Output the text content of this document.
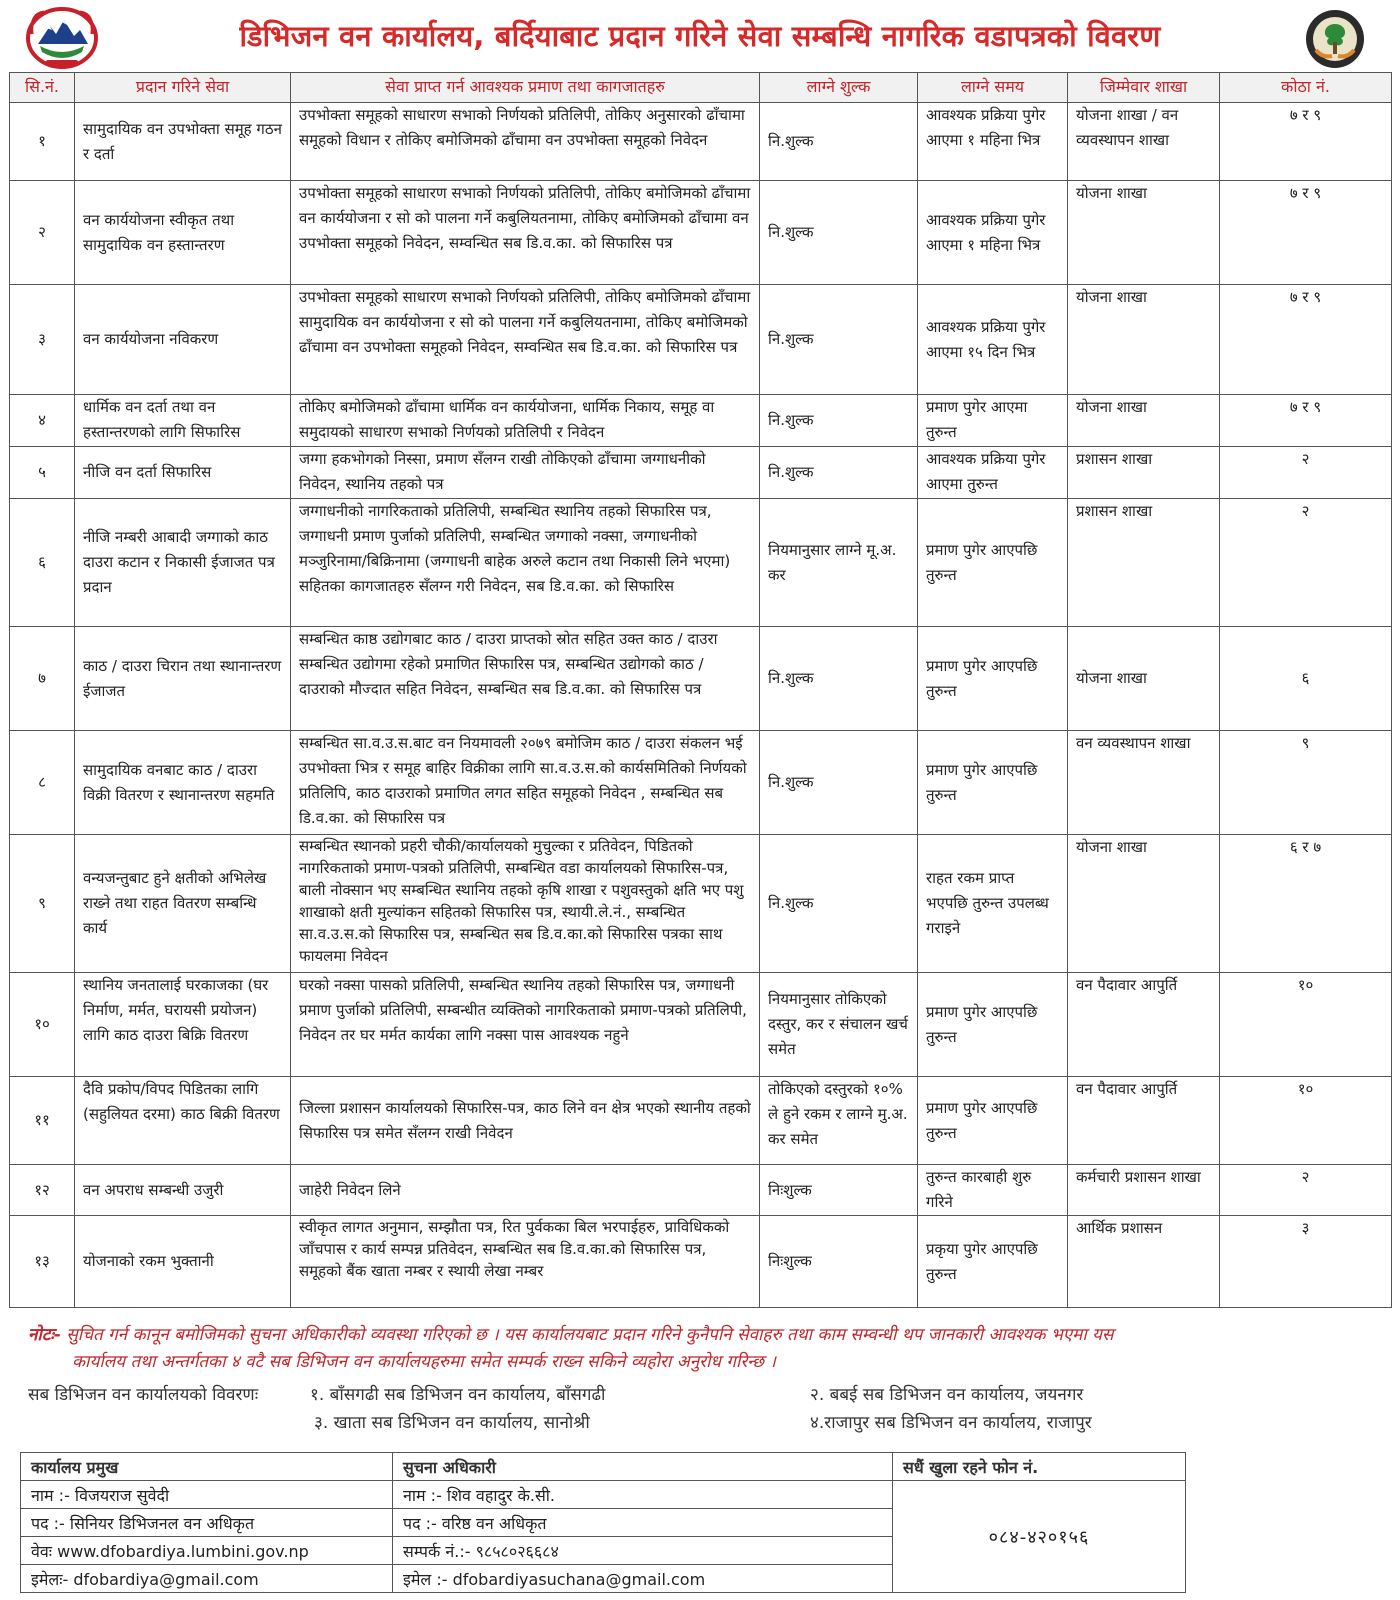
डिभिजन वन कार्यालय, बर्दियाबाट प्रदान गरिने सेवा सम्बन्धि नागरिक वडापत्रको विवरण
सि.नं.	प्रदान गरिने सेवा	सेवा प्राप्त गर्न आवश्यक प्रमाण तथा कागजातहरु	लाग्ने शुल्क	लाग्ने समय	जिम्मेवार शाखा	कोठा नं.
१	सामुदायिक वन उपभोक्ता समूह गठन र दर्ता	उपभोक्ता समूहको साधारण सभाको निर्णयको प्रतिलिपी, तोकिए अनुसारको ढाँचामा समूहको विधान र तोकिए बमोजिमको ढाँचामा वन उपभोक्ता समूहको निवेदन	नि.शुल्क	आवश्यक प्रक्रिया पुगेर आएमा १ महिना भित्र	योजना शाखा / वन व्यवस्थापन शाखा	७ र ९
२	वन कार्ययोजना स्वीकृत तथा सामुदायिक वन हस्तान्तरण	उपभोक्ता समूहको साधारण सभाको निर्णयको प्रतिलिपी, तोकिए बमोजिमको ढाँचामा वन कार्ययोजना र सो को पालना गर्ने कबुलियतनामा, तोकिए बमोजिमको ढाँचामा वन उपभोक्ता समूहको निवेदन, सम्वन्धित सब डि.व.का. को सिफारिस पत्र	नि.शुल्क	आवश्यक प्रक्रिया पुगेर आएमा १ महिना भित्र	योजना शाखा	७ र ९
३	वन कार्ययोजना नविकरण	उपभोक्ता समूहको साधारण सभाको निर्णयको प्रतिलिपी, तोकिए बमोजिमको ढाँचामा सामुदायिक वन कार्ययोजना र सो को पालना गर्ने कबुलियतनामा, तोकिए बमोजिमको ढाँचामा वन उपभोक्ता समूहको निवेदन, सम्वन्धित सब डि.व.का. को सिफारिस पत्र	नि.शुल्क	आवश्यक प्रक्रिया पुगेर आएमा १५ दिन भित्र	योजना शाखा	७ र ९
४	धार्मिक वन दर्ता तथा वन हस्तान्तरणको लागि सिफारिस	तोकिए बमोजिमको ढाँचामा धार्मिक वन कार्ययोजना, धार्मिक निकाय, समूह वा समुदायको साधारण सभाको निर्णयको प्रतिलिपी र निवेदन	नि.शुल्क	प्रमाण पुगेर आएमा तुरुन्त	योजना शाखा	७ र ९
५	नीजि वन दर्ता सिफारिस	जग्गा हकभोगको निस्सा, प्रमाण सँलग्न राखी तोकिएको ढाँचामा जग्गाधनीको निवेदन, स्थानिय तहको पत्र	नि.शुल्क	आवश्यक प्रक्रिया पुगेर आएमा तुरुन्त	प्रशासन शाखा	२
६	नीजि नम्बरी आबादी जग्गाको काठ दाउरा कटान र निकासी ईजाजत पत्र प्रदान	जग्गाधनीको नागरिकताको प्रतिलिपी, सम्बन्धित स्थानिय तहको सिफारिस पत्र, जग्गाधनी प्रमाण पुर्जाको प्रतिलिपी, सम्बन्धित जग्गाको नक्सा, जग्गाधनीको मञ्जुरिनामा/बिक्रिनामा (जग्गाधनी बाहेक अरुले कटान तथा निकासी लिने भएमा) सहितका कागजातहरु सँलग्न गरी निवेदन, सब डि.व.का. को सिफारिस	नियमानुसार लाग्ने मू.अ. कर	प्रमाण पुगेर आएपछि तुरुन्त	प्रशासन शाखा	२
७	काठ / दाउरा चिरान तथा स्थानान्तरण ईजाजत	सम्बन्धित काष्ठ उद्योगबाट काठ / दाउरा प्राप्तको स्रोत सहित उक्त काठ / दाउरा सम्बन्धित उद्योगमा रहेको प्रमाणित सिफारिस पत्र, सम्बन्धित उद्योगको काठ / दाउराको मौज्दात सहित निवेदन, सम्बन्धित सब डि.व.का. को सिफारिस पत्र	नि.शुल्क	प्रमाण पुगेर आएपछि तुरुन्त	योजना शाखा	६
८	सामुदायिक वनबाट काठ / दाउरा विक्री वितरण र स्थानान्तरण सहमति	सम्बन्धित सा.व.उ.स.बाट वन नियमावली २०७९ बमोजिम काठ / दाउरा संकलन भई उपभोक्ता भित्र र समूह बाहिर विक्रीका लागि सा.व.उ.स.को कार्यसमितिको निर्णयको प्रतिलिपि, काठ दाउराको प्रमाणित लगत सहित समूहको निवेदन , सम्बन्धित सब डि.व.का. को सिफारिस पत्र	नि.शुल्क	प्रमाण पुगेर आएपछि तुरुन्त	वन व्यवस्थापन शाखा	९
९	वन्यजन्तुबाट हुने क्षतीको अभिलेख राख्ने तथा राहत वितरण सम्बन्धि कार्य	सम्बन्धित स्थानको प्रहरी चौकी/कार्यालयको मुचुल्का र प्रतिवेदन, पिडितको नागरिकताको प्रमाण-पत्रको प्रतिलिपी, सम्बन्धित वडा कार्यालयको सिफारिस-पत्र, बाली नोक्सान भए सम्बन्धित स्थानिय तहको कृषि शाखा र पशुवस्तुको क्षति भए पशु शाखाको क्षती मुल्यांकन सहितको सिफारिस पत्र, स्थायी.ले.नं., सम्बन्धित सा.व.उ.स.को सिफारिस पत्र, सम्बन्धित सब डि.व.का.को सिफारिस पत्रका साथ फायलमा निवेदन	नि.शुल्क	राहत रकम प्राप्त भएपछि तुरुन्त उपलब्ध गराइने	योजना शाखा	६ र ७
१०	स्थानिय जनतालाई घरकाजका (घर निर्माण, मर्मत, घरायसी प्रयोजन) लागि काठ दाउरा बिक्रि वितरण	घरको नक्सा पासको प्रतिलिपी, सम्बन्धित स्थानिय तहको सिफारिस पत्र, जग्गाधनी प्रमाण पुर्जाको प्रतिलिपी, सम्बन्धीत व्यक्तिको नागरिकताको प्रमाण-पत्रको प्रतिलिपी, निवेदन तर घर मर्मत कार्यका लागि नक्सा पास आवश्यक नहुने	नियमानुसार तोकिएको दस्तुर, कर र संचालन खर्च समेत	प्रमाण पुगेर आएपछि तुरुन्त	वन पैदावार आपुर्ति	१०
११	दैवि प्रकोप/विपद पिडितका लागि (सहुलियत दरमा) काठ बिक्री वितरण	जिल्ला प्रशासन कार्यालयको सिफारिस-पत्र, काठ लिने वन क्षेत्र भएको स्थानीय तहको सिफारिस पत्र समेत सँलग्न राखी निवेदन	तोकिएको दस्तुरको १०% ले हुने रकम र लाग्ने मु.अ. कर समेत	प्रमाण पुगेर आएपछि तुरुन्त	वन पैदावार आपुर्ति	१०
१२	वन अपराध सम्बन्धी उजुरी	जाहेरी निवेदन लिने	निःशुल्क	तुरुन्त कारबाही शुरु गरिने	कर्मचारी प्रशासन शाखा	२
१३	योजनाको रकम भुक्तानी	स्वीकृत लागत अनुमान, सम्झौता पत्र, रित पुर्वकका बिल भरपाईहरु, प्राविधिकको जाँचपास र कार्य सम्पन्न प्रतिवेदन, सम्बन्धित सब डि.व.का.को सिफारिस पत्र, समूहको बैंक खाता नम्बर र स्थायी लेखा नम्बर	निःशुल्क	प्रकृया पुगेर आएपछि तुरुन्त	आर्थिक प्रशासन	३
नोटः- सुचित गर्न कानून बमोजिमको सुचना अधिकारीको व्यवस्था गरिएको छ । यस कार्यालयबाट प्रदान गरिने कुनैपनि सेवाहरु तथा काम सम्वन्धी थप जानकारी आवश्यक भएमा यस
कार्यालय तथा अन्तर्गतका ४ वटै सब डिभिजन वन कार्यालयहरुमा समेत सम्पर्क राख्न सकिने व्यहोरा अनुरोध गरिन्छ ।
सब डिभिजन वन कार्यालयको विवरणः	१. बाँसगढी सब डिभिजन वन कार्यालय, बाँसगढी	२. बबई सब डिभिजन वन कार्यालय, जयनगर
३. खाता सब डिभिजन वन कार्यालय, सानोश्री	४.राजापुर सब डिभिजन वन कार्यालय, राजापुर
कार्यालय प्रमुख	सुचना अधिकारी	सधैं खुला रहने फोन नं.
नाम :- विजयराज सुवेदी	नाम :- शिव वहादुर के.सी.	०८४-४२०१५६
पद :- सिनियर डिभिजनल वन अधिकृत	पद :- वरिष्ठ वन अधिकृत	
वेवः www.dfobardiya.lumbini.gov.np	सम्पर्क नं.:- ९८५८०२६६८४	
इमेलः- dfobardiya@gmail.com	इमेल :- dfobardiyasuchana@gmail.com	
